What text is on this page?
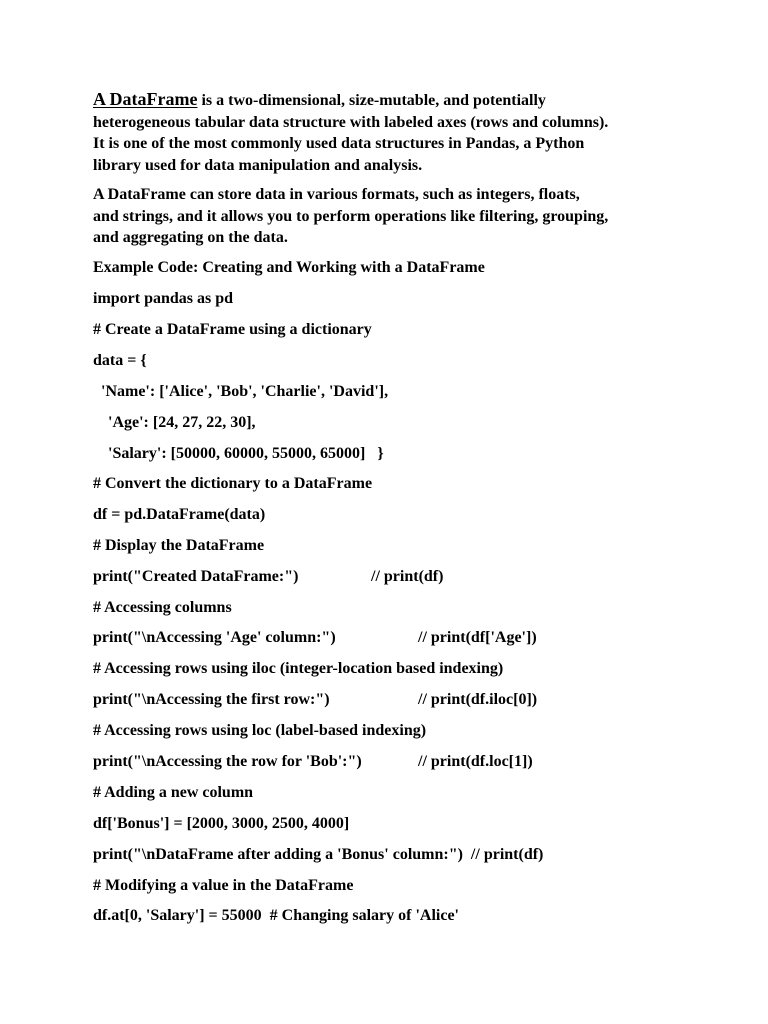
A DataFrame is a two-dimensional, size-mutable, and potentially
heterogeneous tabular data structure with labeled axes (rows and columns).
It is one of the most commonly used data structures in Pandas, a Python
library used for data manipulation and analysis.
A DataFrame can store data in various formats, such as integers, floats,
and strings, and it allows you to perform operations like filtering, grouping,
and aggregating on the data.
Example Code: Creating and Working with a DataFrame
import pandas as pd
# Create a DataFrame using a dictionary
data = {
'Name': ['Alice', 'Bob', 'Charlie', 'David'],
'Age': [24, 27, 22, 30],
'Salary': [50000, 60000, 55000, 65000]   }
# Convert the dictionary to a DataFrame
df = pd.DataFrame(data)
# Display the DataFrame
print("Created DataFrame:")	// print(df)
# Accessing columns
print("\nAccessing 'Age' column:")	// print(df['Age'])
# Accessing rows using iloc (integer-location based indexing)
print("\nAccessing the first row:")	// print(df.iloc[0])
# Accessing rows using loc (label-based indexing)
print("\nAccessing the row for 'Bob':")	// print(df.loc[1])
# Adding a new column
df['Bonus'] = [2000, 3000, 2500, 4000]
print("\nDataFrame after adding a 'Bonus' column:")  // print(df)
# Modifying a value in the DataFrame
df.at[0, 'Salary'] = 55000  # Changing salary of 'Alice'
